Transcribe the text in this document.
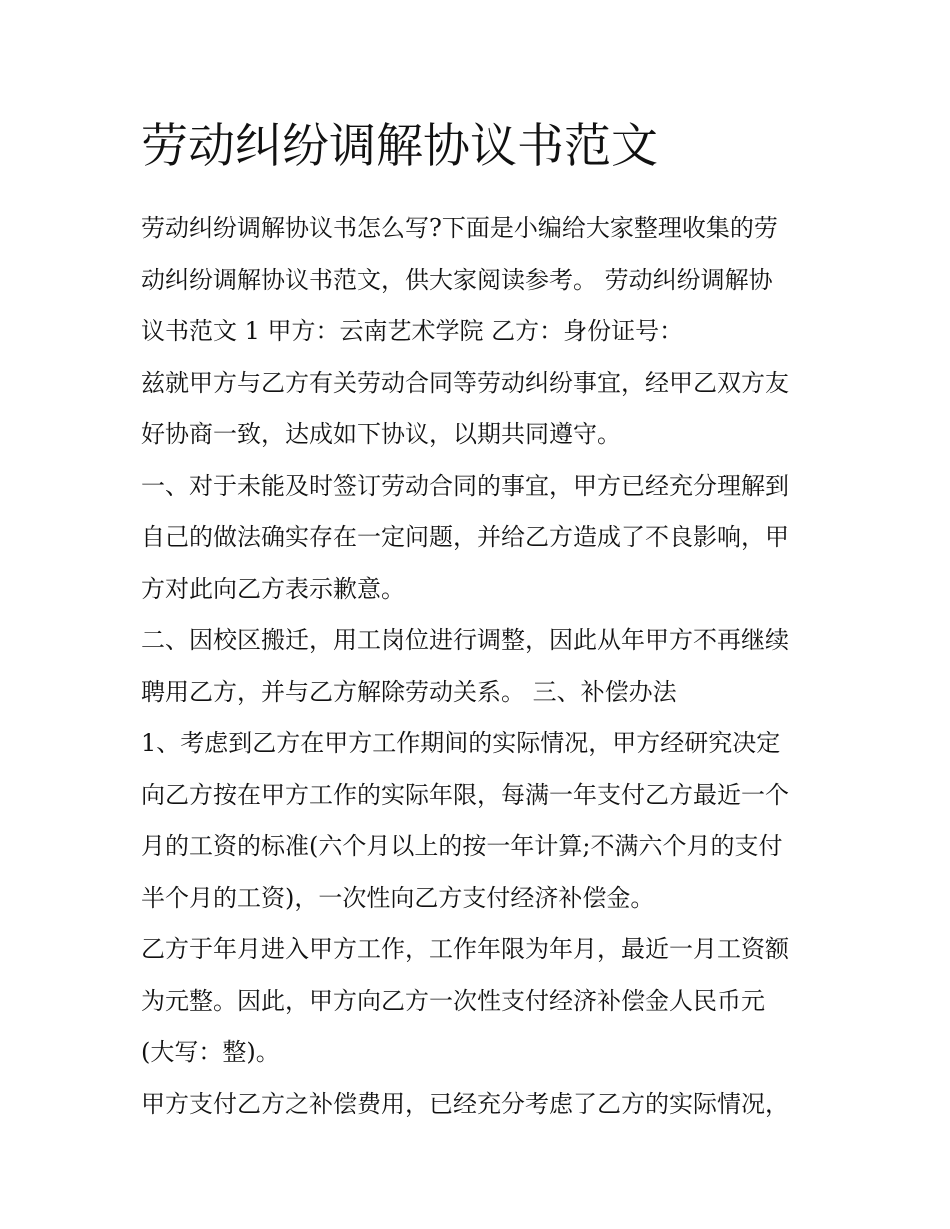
劳动纠纷调解协议书范文
劳动纠纷调解协议书怎么写?下面是小编给大家整理收集的劳
动纠纷调解协议书范文，供大家阅读参考。 劳动纠纷调解协
议书范文 1 甲方：云南艺术学院 乙方：身份证号：
兹就甲方与乙方有关劳动合同等劳动纠纷事宜，经甲乙双方友
好协商一致，达成如下协议，以期共同遵守。
一、对于未能及时签订劳动合同的事宜，甲方已经充分理解到
自己的做法确实存在一定问题，并给乙方造成了不良影响，甲
方对此向乙方表示歉意。
二、因校区搬迁，用工岗位进行调整，因此从年甲方不再继续
聘用乙方，并与乙方解除劳动关系。 三、补偿办法
1、考虑到乙方在甲方工作期间的实际情况，甲方经研究决定
向乙方按在甲方工作的实际年限，每满一年支付乙方最近一个
月的工资的标准(六个月以上的按一年计算;不满六个月的支付
半个月的工资)，一次性向乙方支付经济补偿金。
乙方于年月进入甲方工作，工作年限为年月，最近一月工资额
为元整。因此，甲方向乙方一次性支付经济补偿金人民币元
(大写：整)。
甲方支付乙方之补偿费用，已经充分考虑了乙方的实际情况，
